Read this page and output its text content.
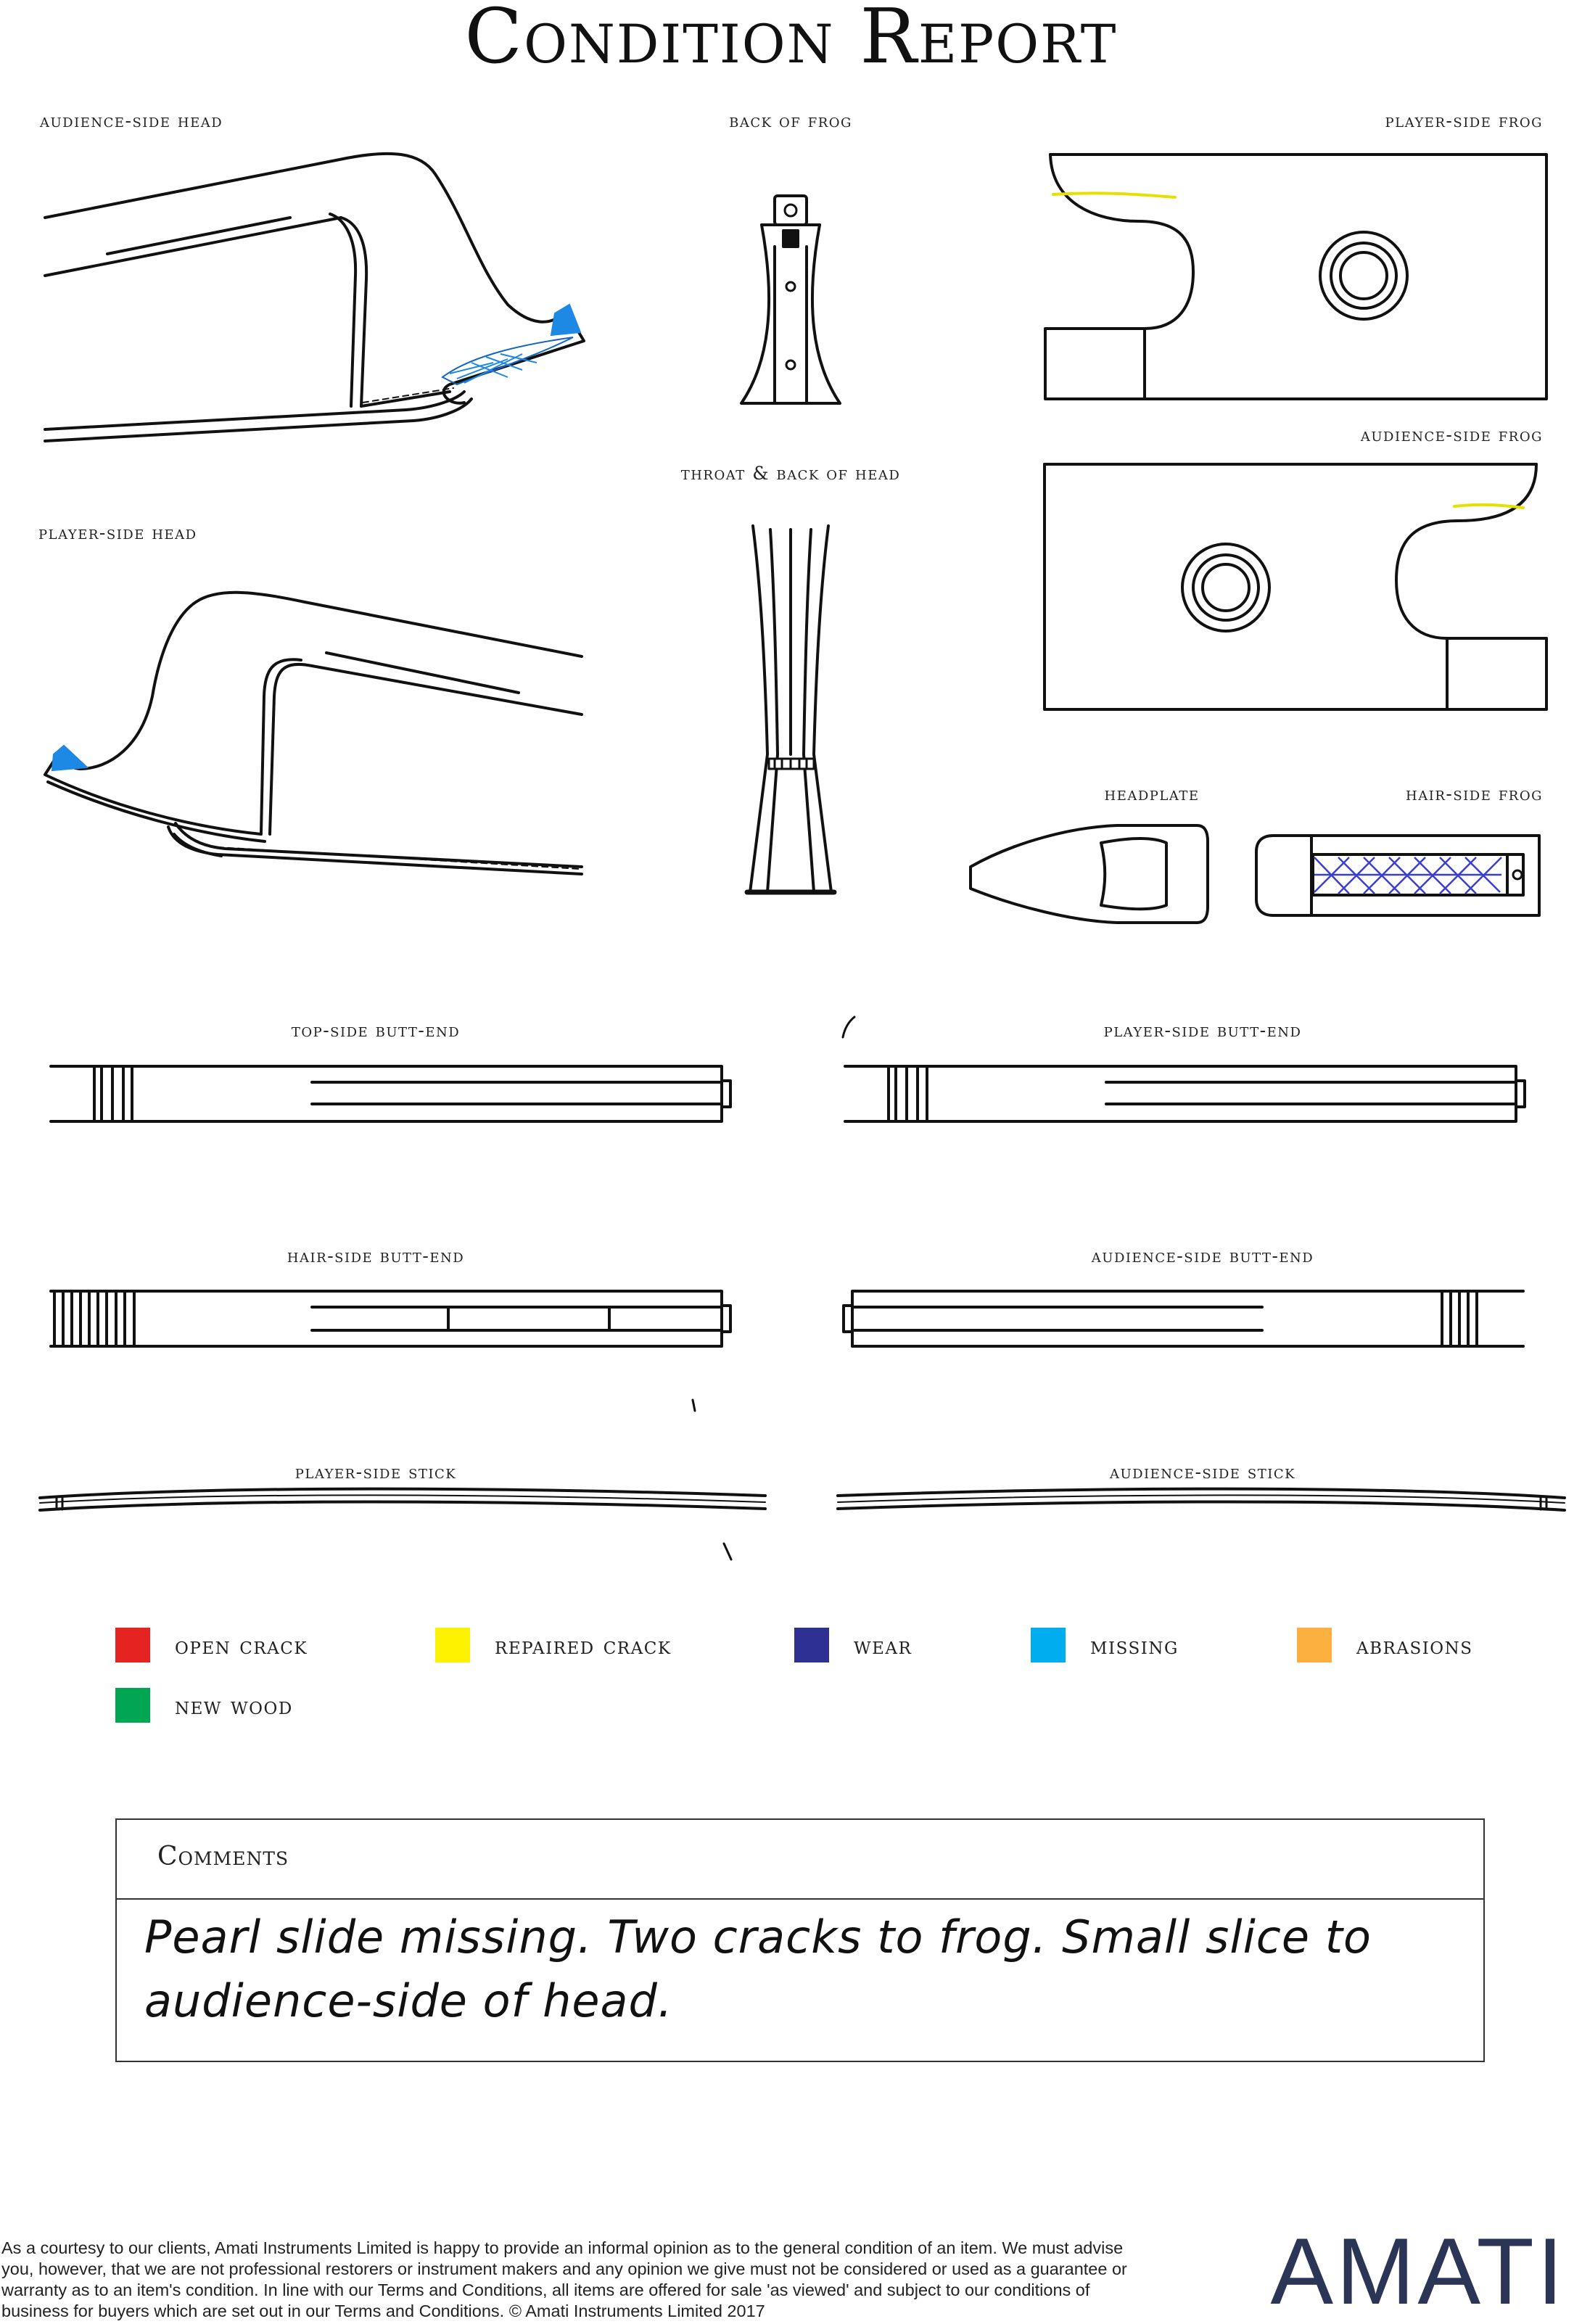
Condition Report
audience-side head	back of frog	player-side frog
audience-side frog
throat & back of head
player-side head
headplate	hair-side frog
top-side butt-end	player-side butt-end
hair-side butt-end	audience-side butt-end
player-side stick	audience-side stick
open crack	repaired crack	wear	missing	abrasions
new wood
Comments
Pearl slide missing. Two cracks to frog. Small slice to audience-side of head.
As a courtesy to our clients, Amati Instruments Limited is happy to provide an informal opinion as to the general condition of an item. We must advise you, however, that we are not professional restorers or instrument makers and any opinion we give must not be considered or used as a guarantee or warranty as to an item's condition. In line with our Terms and Conditions, all items are offered for sale 'as viewed' and subject to our conditions of business for buyers which are set out in our Terms and Conditions. © Amati Instruments Limited 2017	AMATI
